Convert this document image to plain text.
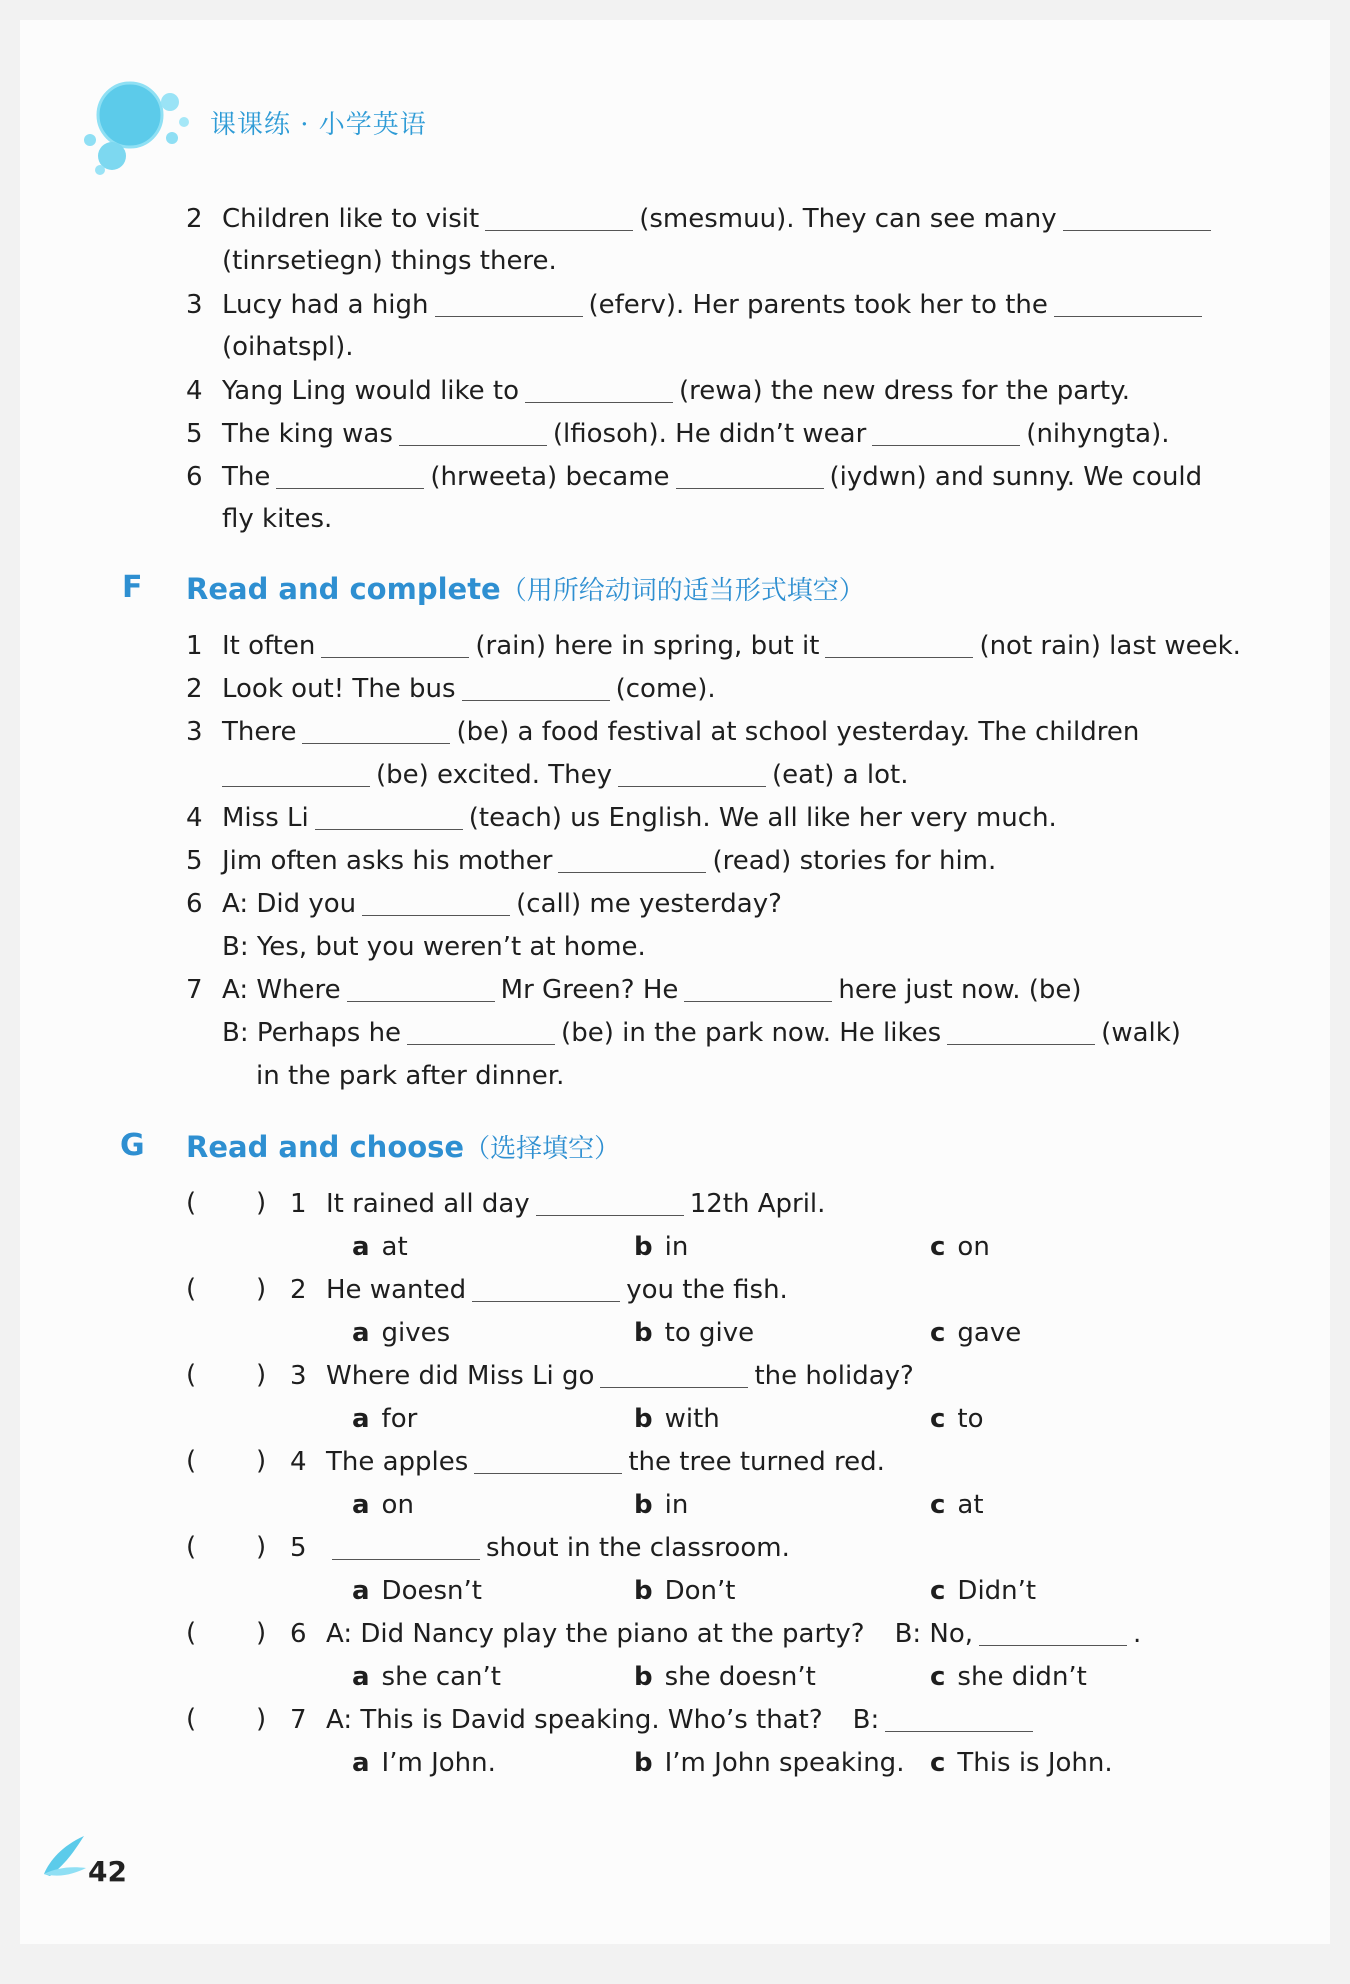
课课练 · 小学英语
2 Children like to visit	(smesmuu). They can see many
(tinrsetiegn) things there.
3 Lucy had a high	(eferv). Her parents took her to the
(oihatspl).
4 Yang Ling would like to	(rewa) the new dress for the party.
5 The king was	(lfiosoh). He didn’t wear	(nihyngta).
6 The	(hrweeta) became	(iydwn) and sunny. We could
fly kites.
F Read and complete（用所给动词的适当形式填空）
1 It often	(rain) here in spring, but it	(not rain) last week.
2 Look out! The bus	(come).
3 There	(be) a food festival at school yesterday. The children
(be) excited. They	(eat) a lot.
4 Miss Li	(teach) us English. We all like her very much.
5 Jim often asks his mother	(read) stories for him.
6 A: Did you	(call) me yesterday?
B: Yes, but you weren’t at home.
7 A: Where	Mr Green? He	here just now. (be)
B: Perhaps he	(be) in the park now. He likes	(walk)
in the park after dinner.
G Read and choose（选择填空）
( ) 1 It rained all day	12th April.
a at	b in	c on
( ) 2 He wanted	you the fish.
a gives	b to give	c gave
( ) 3 Where did Miss Li go	the holiday?
a for	b with	c to
( ) 4 The apples	the tree turned red.
a on	b in	c at
( ) 5	shout in the classroom.
a Doesn’t	b Don’t	c Didn’t
( ) 6 A: Did Nancy play the piano at the party? B: No,	.
a she can’t	b she doesn’t	c she didn’t
( ) 7 A: This is David speaking. Who’s that? B:
a I’m John.	b I’m John speaking. c This is John.
42
